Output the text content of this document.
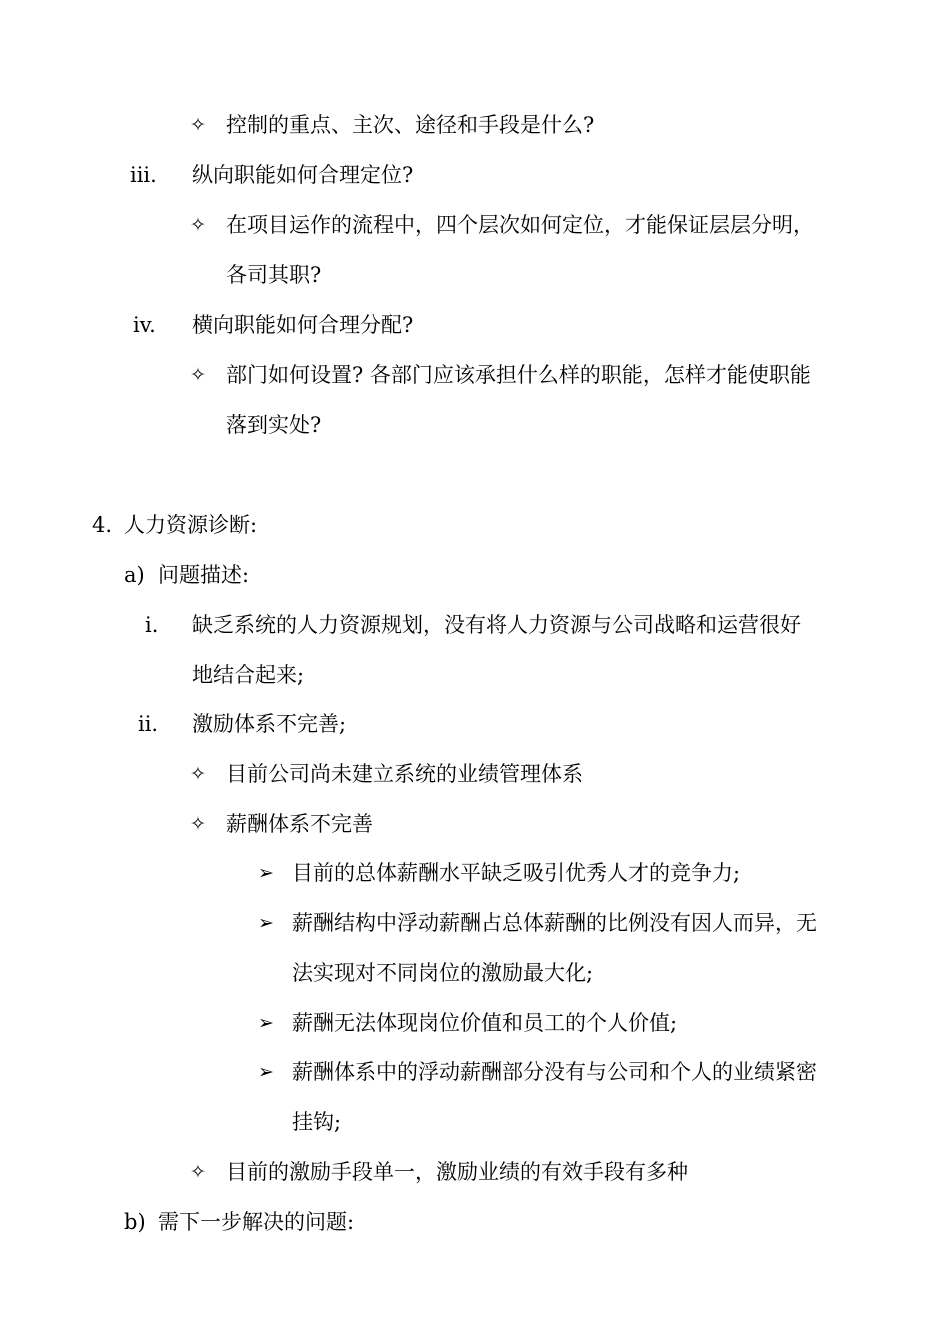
✧ 控制的重点、主次、途径和手段是什么?
iii. 纵向职能如何合理定位?
✧ 在项目运作的流程中，四个层次如何定位，才能保证层层分明，
各司其职?
iv. 横向职能如何合理分配?
✧ 部门如何设置? 各部门应该承担什么样的职能，怎样才能使职能
落到实处?
4. 人力资源诊断:
a) 问题描述:
i. 缺乏系统的人力资源规划，没有将人力资源与公司战略和运营很好
地结合起来;
ii. 激励体系不完善;
✧ 目前公司尚未建立系统的业绩管理体系
✧ 薪酬体系不完善
➢ 目前的总体薪酬水平缺乏吸引优秀人才的竞争力;
➢ 薪酬结构中浮动薪酬占总体薪酬的比例没有因人而异，无
法实现对不同岗位的激励最大化;
➢ 薪酬无法体现岗位价值和员工的个人价值;
➢ 薪酬体系中的浮动薪酬部分没有与公司和个人的业绩紧密
挂钩;
✧ 目前的激励手段单一，激励业绩的有效手段有多种
b) 需下一步解决的问题:
